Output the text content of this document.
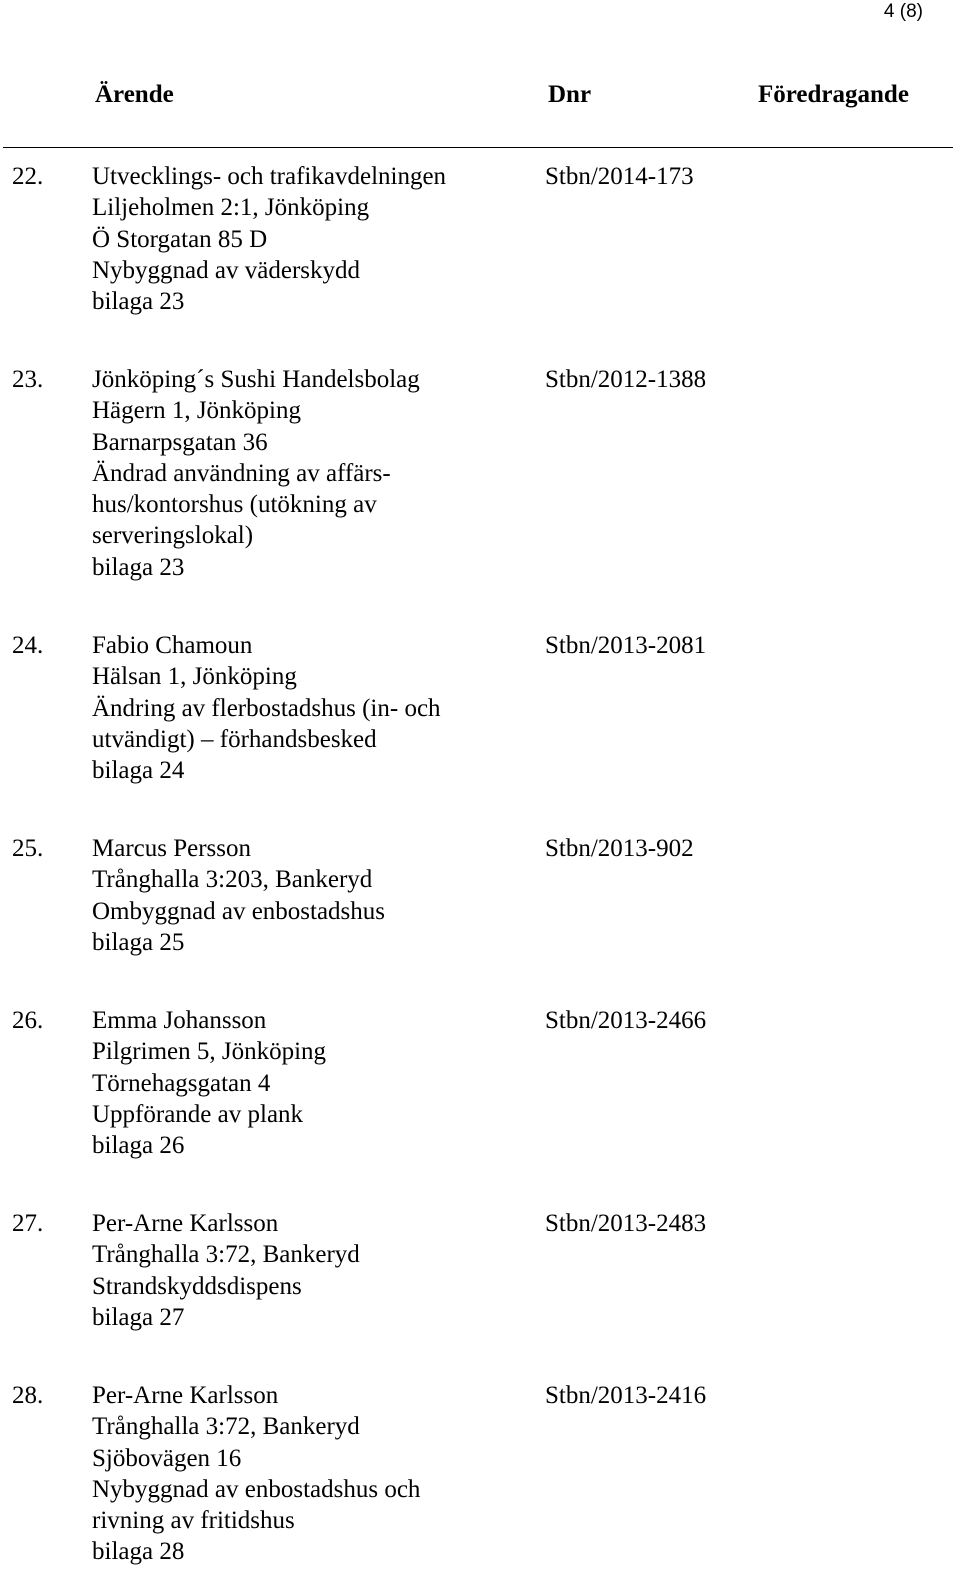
4 (8)
Ärende	Dnr	Föredragande
22. Utvecklings- och trafikavdelningen
Liljeholmen 2:1, Jönköping
Ö Storgatan 85 D
Nybyggnad av väderskydd
bilaga 23
Stbn/2014-173
23. Jönköping´s Sushi Handelsbolag
Hägern 1, Jönköping
Barnarpsgatan 36
Ändrad användning av affärs-
hus/kontorshus (utökning av
serveringslokal)
bilaga 23
Stbn/2012-1388
24. Fabio Chamoun
Hälsan 1, Jönköping
Ändring av flerbostadshus (in- och
utvändigt) – förhandsbesked
bilaga 24
Stbn/2013-2081
25. Marcus Persson
Trånghalla 3:203, Bankeryd
Ombyggnad av enbostadshus
bilaga 25
Stbn/2013-902
26. Emma Johansson
Pilgrimen 5, Jönköping
Törnehagsgatan 4
Uppförande av plank
bilaga 26
Stbn/2013-2466
27. Per-Arne Karlsson
Trånghalla 3:72, Bankeryd
Strandskyddsdispens
bilaga 27
Stbn/2013-2483
28. Per-Arne Karlsson
Trånghalla 3:72, Bankeryd
Sjöbovägen 16
Nybyggnad av enbostadshus och
rivning av fritidshus
bilaga 28
Stbn/2013-2416
